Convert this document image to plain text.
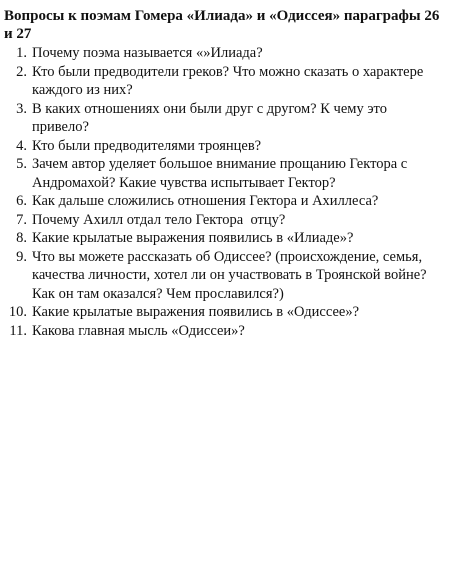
Вопросы к поэмам Гомера «Илиада» и «Одиссея» параграфы 26 и 27
1. Почему поэма называется «»Илиада?
2. Кто были предводители греков? Что можно сказать о характере каждого из них?
3. В каких отношениях они были друг с другом? К чему это привело?
4. Кто были предводителями троянцев?
5. Зачем автор уделяет большое внимание прощанию Гектора с Андромахой? Какие чувства испытывает Гектор?
6. Как дальше сложились отношения Гектора и Ахиллеса?
7. Почему Ахилл отдал тело Гектора  отцу?
8. Какие крылатые выражения появились в «Илиаде»?
9. Что вы можете рассказать об Одиссее? (происхождение, семья, качества личности, хотел ли он участвовать в Троянской войне? Как он там оказался? Чем прославился?)
10. Какие крылатые выражения появились в «Одиссее»?
11. Какова главная мысль «Одиссеи»?
